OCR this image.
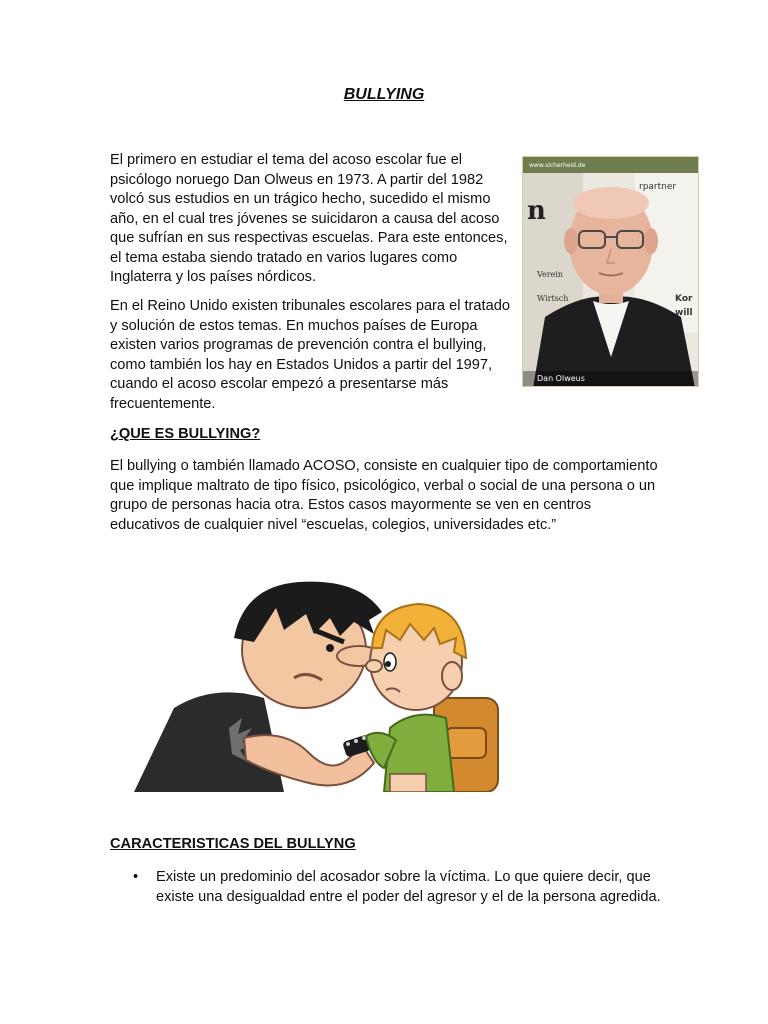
BULLYING

El primero en estudiar el tema del acoso escolar fue el psicólogo noruego Dan Olweus en 1973. A partir del 1982 volcó sus estudios en un trágico hecho, sucedido el mismo año, en el cual tres jóvenes se suicidaron a causa del acoso que sufrían en sus respectivas escuelas. Para este entonces, el tema estaba siendo tratado en varios lugares como Inglaterra y los países nórdicos.

n
rpartner
Verein
Wirtsch	Kor
will
www.sicherheid.de
Dan Olweus

En el Reino Unido existen tribunales escolares para el tratado y solución de estos temas. En muchos países de Europa existen varios programas de prevención contra el bullying, como también los hay en Estados Unidos a partir del 1997, cuando el acoso escolar empezó a presentarse más frecuentemente.

¿QUE ES BULLYING?

El bullying o también llamado ACOSO, consiste en cualquier tipo de comportamiento que implique maltrato de tipo físico, psicológico, verbal o social de una persona o un grupo de personas hacia otra. Estos casos mayormente se ven en centros educativos de cualquier nivel “escuelas, colegios, universidades etc.”

CARACTERISTICAS DEL BULLYNG
• Existe un predominio del acosador sobre la víctima. Lo que quiere decir, que existe una desigualdad entre el poder del agresor y el de la persona agredida.
